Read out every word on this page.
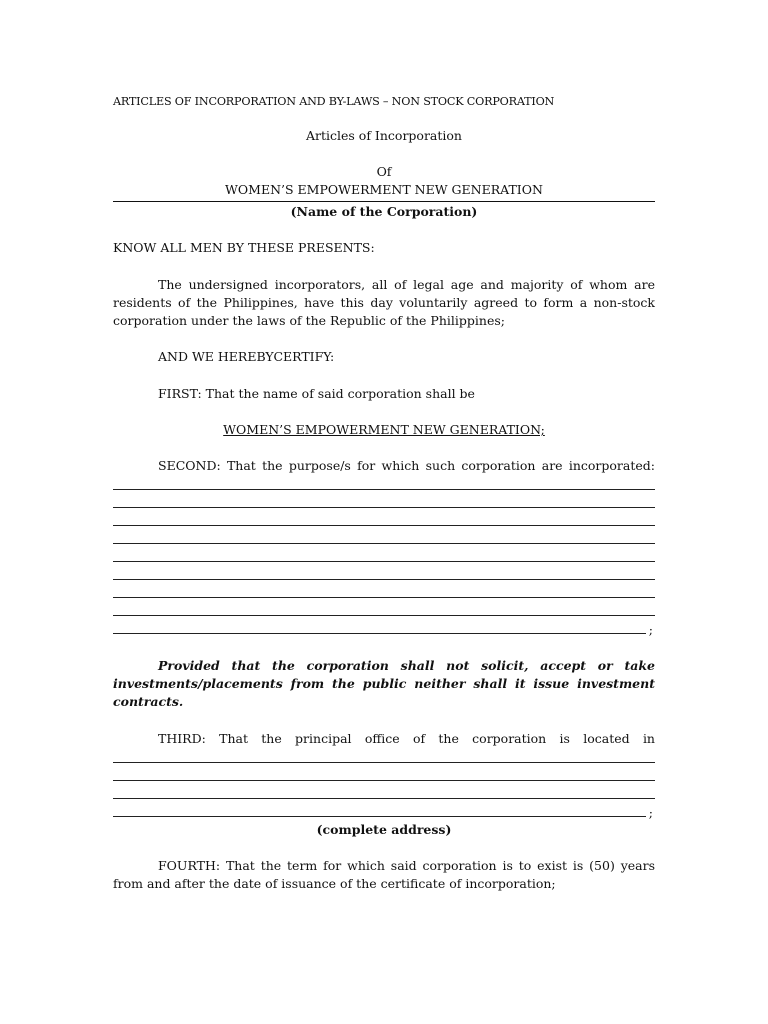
ARTICLES OF INCORPORATION AND BY-LAWS – NON STOCK CORPORATION
Articles of Incorporation
Of
WOMEN’S EMPOWERMENT NEW GENERATION
(Name of the Corporation)
KNOW ALL MEN BY THESE PRESENTS:
The undersigned incorporators, all of legal age and majority of whom are
residents of the Philippines, have this day voluntarily agreed to form a non-stock
corporation under the laws of the Republic of the Philippines;
AND WE HEREBYCERTIFY:
FIRST: That the name of said corporation shall be
WOMEN’S EMPOWERMENT NEW GENERATION;
SECOND: That the purpose/s for which such corporation are incorporated:
;
Provided that the corporation shall not solicit, accept or take
investments/placements from the public neither shall it issue investment
contracts.
THIRD: That the principal office of the corporation is located in
;
(complete address)
FOURTH: That the term for which said corporation is to exist is (50) years
from and after the date of issuance of the certificate of incorporation;
